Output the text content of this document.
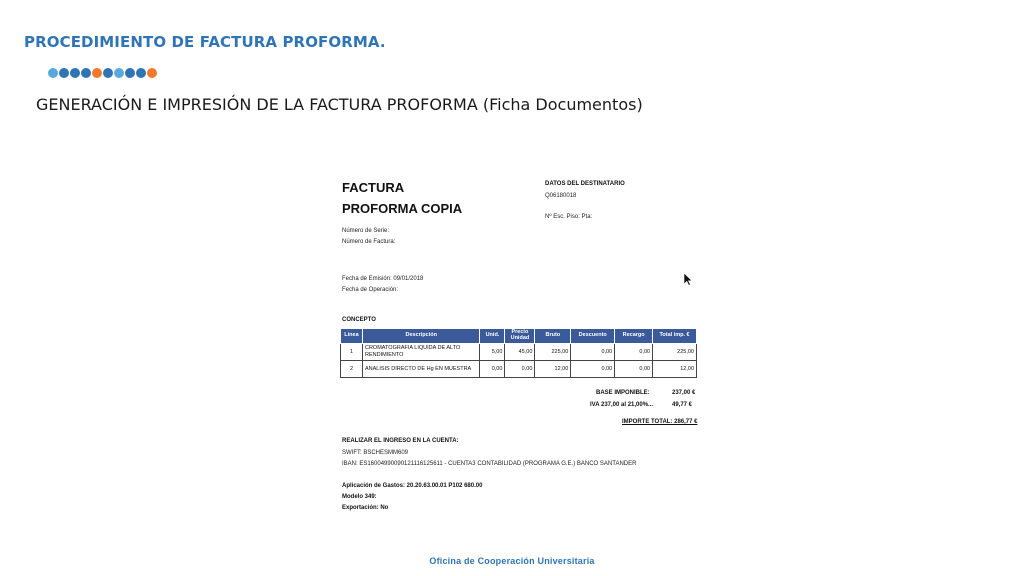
PROCEDIMIENTO DE FACTURA PROFORMA.
GENERACIÓN E IMPRESIÓN DE LA FACTURA PROFORMA (Ficha Documentos)
FACTURA
PROFORMA COPIA
DATOS DEL DESTINATARIO
Q06180018
Nº Esc. Piso: Pta:
Número de Serie:
Número de Factura:
Fecha de Emisión: 09/01/2018
Fecha de Operación:
CONCEPTO
Línea	Descripción	Unid.	Precio Unidad	Bruto	Descuento	Recargo	Total imp. €
1	CROMATOGRAFIA LIQUIDA DE ALTO RENDIMIENTO	5,00	45,00	225,00	0,00	0,00	225,00
2	ANALISIS DIRECTO DE Hg EN MUESTRA	0,00	0,00	12,00	0,00	0,00	12,00
BASE IMPONIBLE:	237,00 €
IVA 237,00 al 21,00%...	49,77 €
IMPORTE TOTAL: 286,77 €
REALIZAR EL INGRESO EN LA CUENTA:
SWIFT: BSCHESMM609
IBAN: ES16004990090121116125611 - CUENTA3 CONTABILIDAD (PROGRAMA G.E.) BANCO SANTANDER
Aplicación de Gastos: 20.20.63.00.01 P102 680.00
Modelo 349:
Exportación: No
Oficina de Cooperación Universitaria
